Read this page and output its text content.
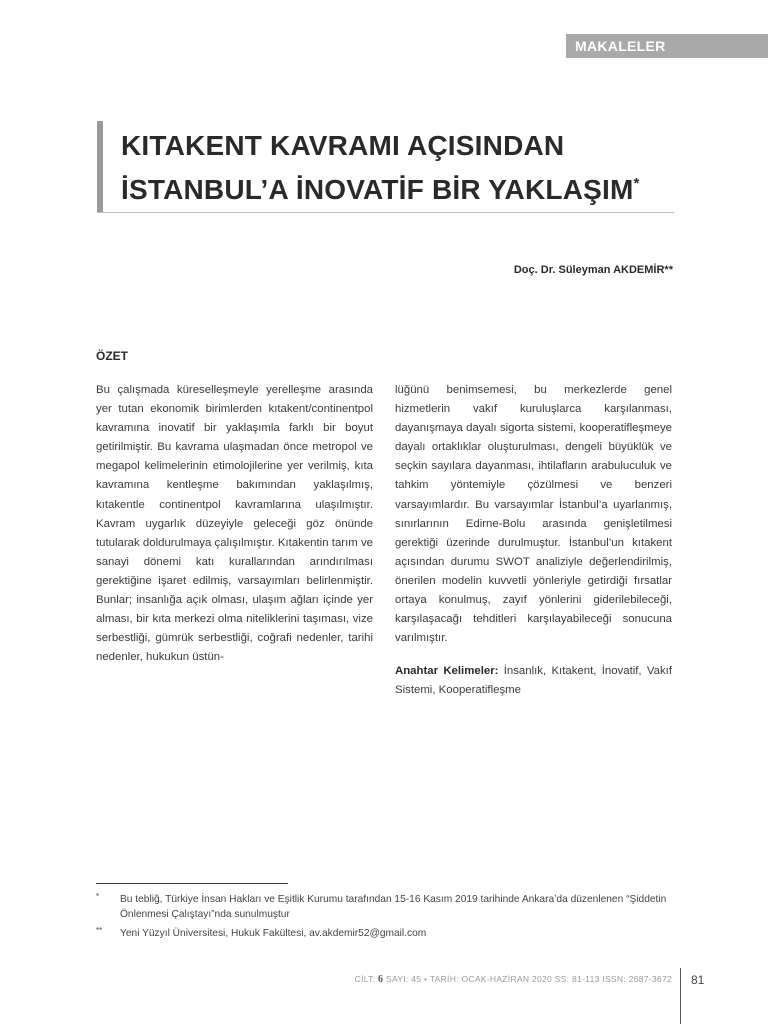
MAKALELER
KITAKENT KAVRAMI AÇISINDAN
İSTANBUL’A İNOVATİF BİR YAKLAŞIM*
Doç. Dr. Süleyman AKDEMİR**
ÖZET
Bu çalışmada küreselleşmeyle yerelleşme arasında yer tutan ekonomik birimlerden kıtakent/continentpol kavramına inovatif bir yaklaşımla farklı bir boyut getirilmiştir. Bu kavrama ulaşmadan önce metropol ve megapol kelimelerinin etimolojilerine yer verilmiş, kıta kavramına kentleşme bakımından yaklaşılmış, kıtakentle continentpol kavramlarına ulaşılmıştır. Kavram uygarlık düzeyiyle geleceği göz önünde tutularak doldurulmaya çalışılmıştır. Kıtakentin tarım ve sanayi dönemi katı kurallarından arındırılması gerektiğine işaret edilmiş, varsayımları belirlenmiştir. Bunlar; insanlığa açık olması, ulaşım ağları içinde yer alması, bir kıta merkezi olma niteliklerini taşıması, vize serbestliği, gümrük serbestliği, coğrafi nedenler, tarihi nedenler, hukukun üstün-
lüğünü benimsemesi, bu merkezlerde genel hizmetlerin vakıf kuruluşlarca karşılanması, dayanışmaya dayalı sigorta sistemi, kooperatifleşmeye dayalı ortaklıklar oluşturulması, dengeli büyüklük ve seçkin sayılara dayanması, ihtilafların arabuluculuk ve tahkim yöntemiyle çözülmesi ve benzeri varsayımlardır. Bu varsayımlar İstanbul’a uyarlanmış, sınırlarının Edirne-Bolu arasında genişletilmesi gerektiği üzerinde durulmuştur. İstanbul’un kıtakent açısından durumu SWOT analiziyle değerlendirilmiş, önerilen modelin kuvvetli yönleriyle getirdiği fırsatlar ortaya konulmuş, zayıf yönlerini giderilebileceği, karşılaşacağı tehditleri karşılayabileceği sonucuna varılmıştır.
Anahtar Kelimeler: İnsanlık, Kıtakent, İnovatif, Vakıf Sistemi, Kooperatifleşme
* Bu tebliğ, Türkiye İnsan Hakları ve Eşitlik Kurumu tarafından 15-16 Kasım 2019 tarihinde Ankara’da düzenlenen “Şiddetin Önlenmesi Çalıştayı”nda sunulmuştur
** Yeni Yüzyıl Üniversitesi, Hukuk Fakültesi, av.akdemir52@gmail.com
CİLT: 6 SAYI: 45 • TARİH: OCAK-HAZİRAN 2020 SS: 81-113 ISSN: 2687-3672 81
